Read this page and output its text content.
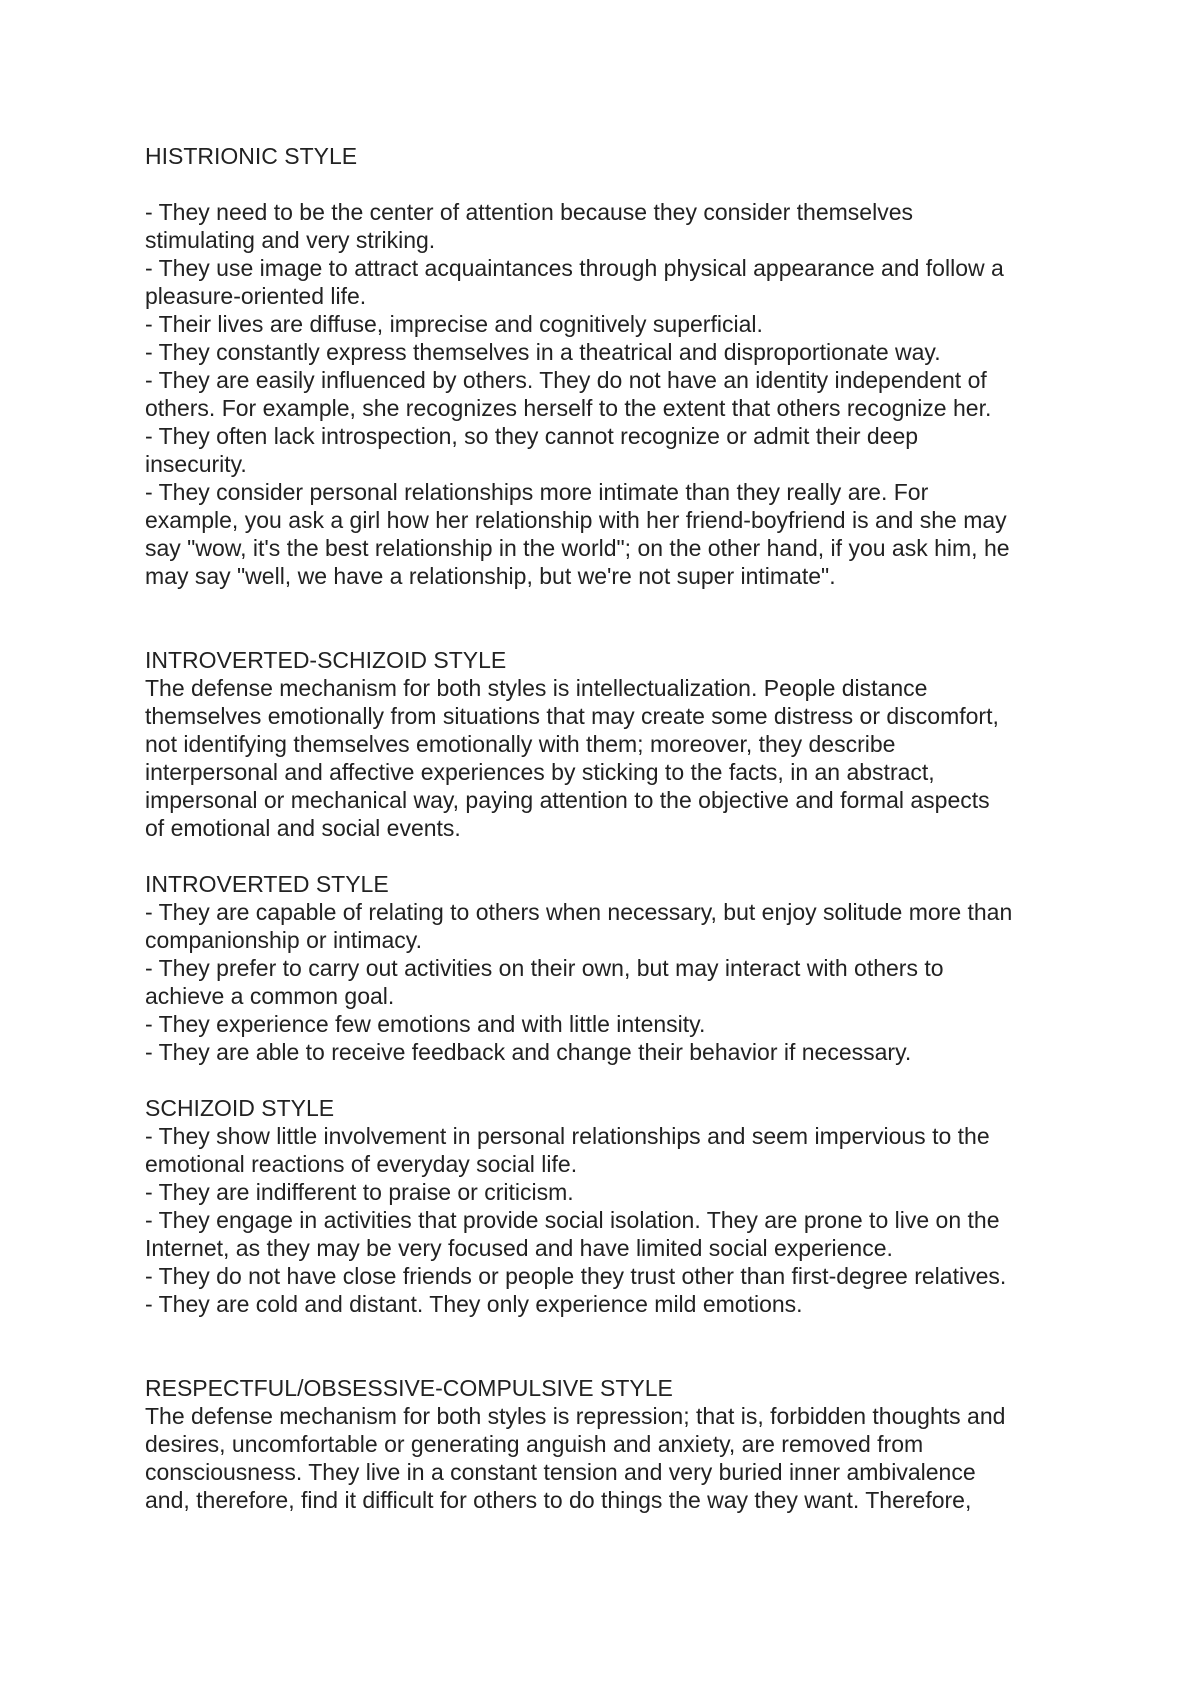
HISTRIONIC STYLE
- They need to be the center of attention because they consider themselves
stimulating and very striking.
- They use image to attract acquaintances through physical appearance and follow a
pleasure-oriented life.
- Their lives are diffuse, imprecise and cognitively superficial.
- They constantly express themselves in a theatrical and disproportionate way.
- They are easily influenced by others. They do not have an identity independent of
others. For example, she recognizes herself to the extent that others recognize her.
- They often lack introspection, so they cannot recognize or admit their deep
insecurity.
- They consider personal relationships more intimate than they really are. For
example, you ask a girl how her relationship with her friend-boyfriend is and she may
say "wow, it's the best relationship in the world"; on the other hand, if you ask him, he
may say "well, we have a relationship, but we're not super intimate".
INTROVERTED-SCHIZOID STYLE
The defense mechanism for both styles is intellectualization. People distance
themselves emotionally from situations that may create some distress or discomfort,
not identifying themselves emotionally with them; moreover, they describe
interpersonal and affective experiences by sticking to the facts, in an abstract,
impersonal or mechanical way, paying attention to the objective and formal aspects
of emotional and social events.
INTROVERTED STYLE
- They are capable of relating to others when necessary, but enjoy solitude more than
companionship or intimacy.
- They prefer to carry out activities on their own, but may interact with others to
achieve a common goal.
- They experience few emotions and with little intensity.
- They are able to receive feedback and change their behavior if necessary.
SCHIZOID STYLE
- They show little involvement in personal relationships and seem impervious to the
emotional reactions of everyday social life.
- They are indifferent to praise or criticism.
- They engage in activities that provide social isolation. They are prone to live on the
Internet, as they may be very focused and have limited social experience.
- They do not have close friends or people they trust other than first-degree relatives.
- They are cold and distant. They only experience mild emotions.
RESPECTFUL/OBSESSIVE-COMPULSIVE STYLE
The defense mechanism for both styles is repression; that is, forbidden thoughts and
desires, uncomfortable or generating anguish and anxiety, are removed from
consciousness. They live in a constant tension and very buried inner ambivalence
and, therefore, find it difficult for others to do things the way they want. Therefore,
